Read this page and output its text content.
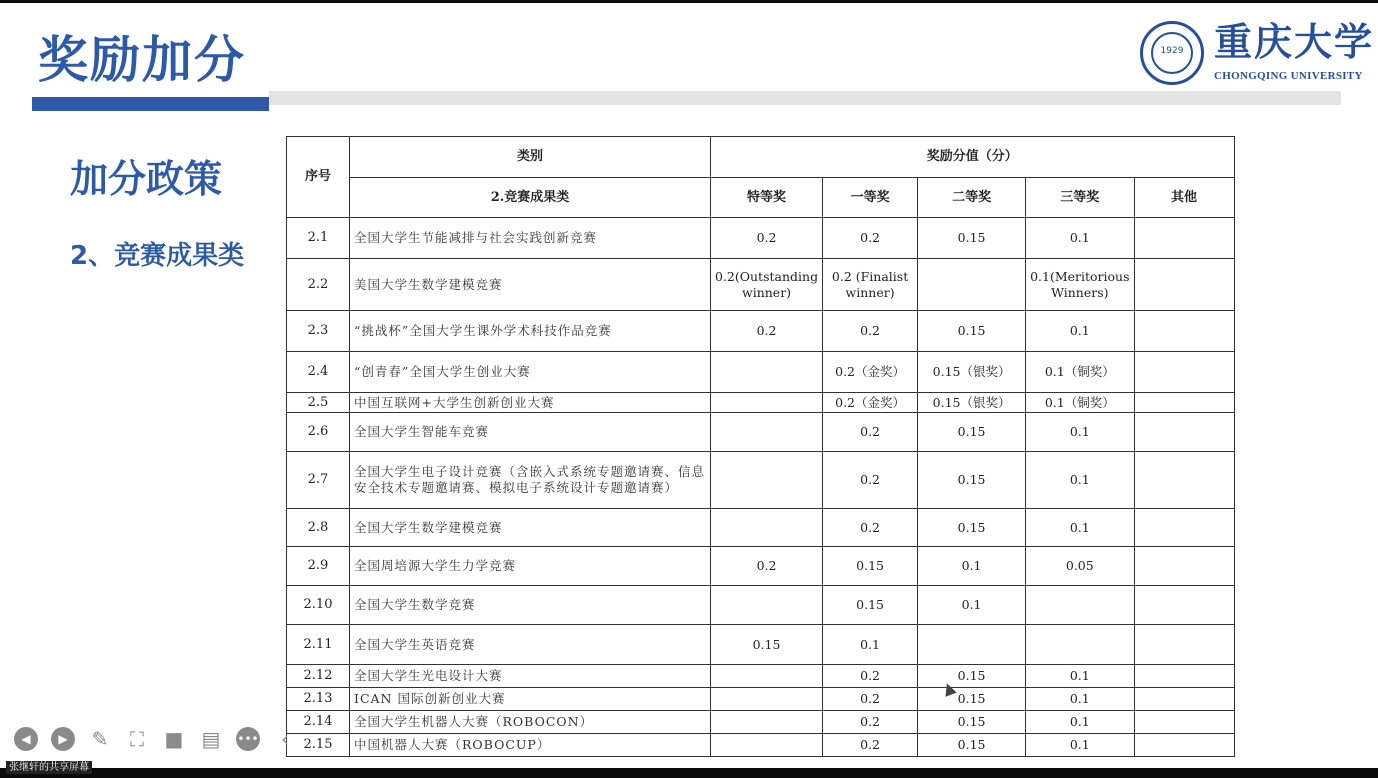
奖励加分	1929 重庆大学
CHONGQING UNIVERSITY
加分政策
2、竞赛成果类
序号	类别	奖励分值（分）				
	2.竞赛成果类	特等奖	一等奖	二等奖	三等奖	其他
2.1	全国大学生节能减排与社会实践创新竞赛	0.2	0.2	0.15	0.1	
2.2	美国大学生数学建模竞赛	0.2(Outstanding winner)	0.2 (Finalist winner)		0.1(Meritorious Winners)	
2.3	“挑战杯”全国大学生课外学术科技作品竞赛	0.2	0.2	0.15	0.1	
2.4	“创青春”全国大学生创业大赛		0.2（金奖）	0.15（银奖）	0.1（铜奖）	
2.5	中国互联网+大学生创新创业大赛		0.2（金奖）	0.15（银奖）	0.1（铜奖）	
2.6	全国大学生智能车竞赛		0.2	0.15	0.1	
2.7	全国大学生电子设计竞赛（含嵌入式系统专题邀请赛、信息安全技术专题邀请赛、模拟电子系统设计专题邀请赛）		0.2	0.15	0.1	
2.8	全国大学生数学建模竞赛		0.2	0.15	0.1	
2.9	全国周培源大学生力学竞赛	0.2	0.15	0.1	0.05	
2.10	全国大学生数学竞赛		0.15	0.1		
2.11	全国大学生英语竞赛	0.15	0.1			
2.12	全国大学生光电设计大赛		0.2	0.15	0.1	
2.13	ICAN 国际创新创业大赛		0.2	0.15	0.1	
2.14	全国大学生机器人大赛（ROBOCON）		0.2	0.15	0.1	
2.15	中国机器人大赛（ROBOCUP）		0.2	0.15	0.1	
◀	▶	✎ ⛶ ■ ▤ •••	‹
张继轩的共享屏幕
